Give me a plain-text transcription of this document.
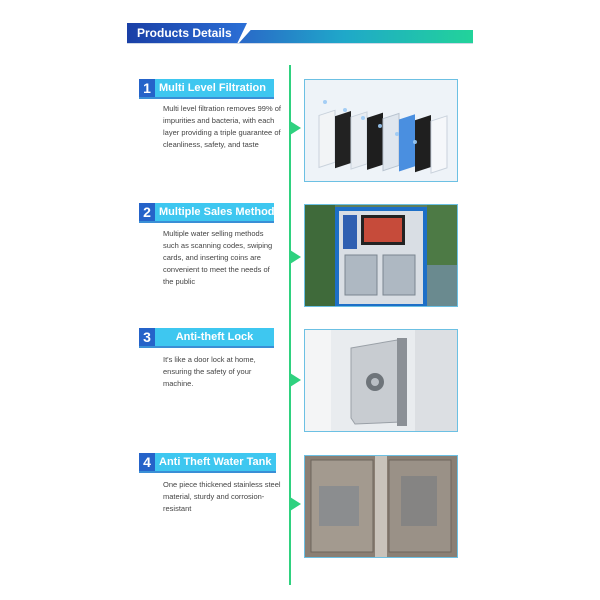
Products Details
1 Multi Level Filtration
Multi level filtration removes 99% of impurities and bacteria, with each layer providing a triple guarantee of cleanliness, safety, and taste
2 Multiple Sales Methods
Multiple water selling methods such as scanning codes, swiping cards, and inserting coins are convenient to meet the needs of the public
3	Anti-theft Lock
It's like a door lock at home, ensuring the safety of your machine.
4 Anti Theft Water Tank
One piece thickened stainless steel material, sturdy and corrosion-resistant
